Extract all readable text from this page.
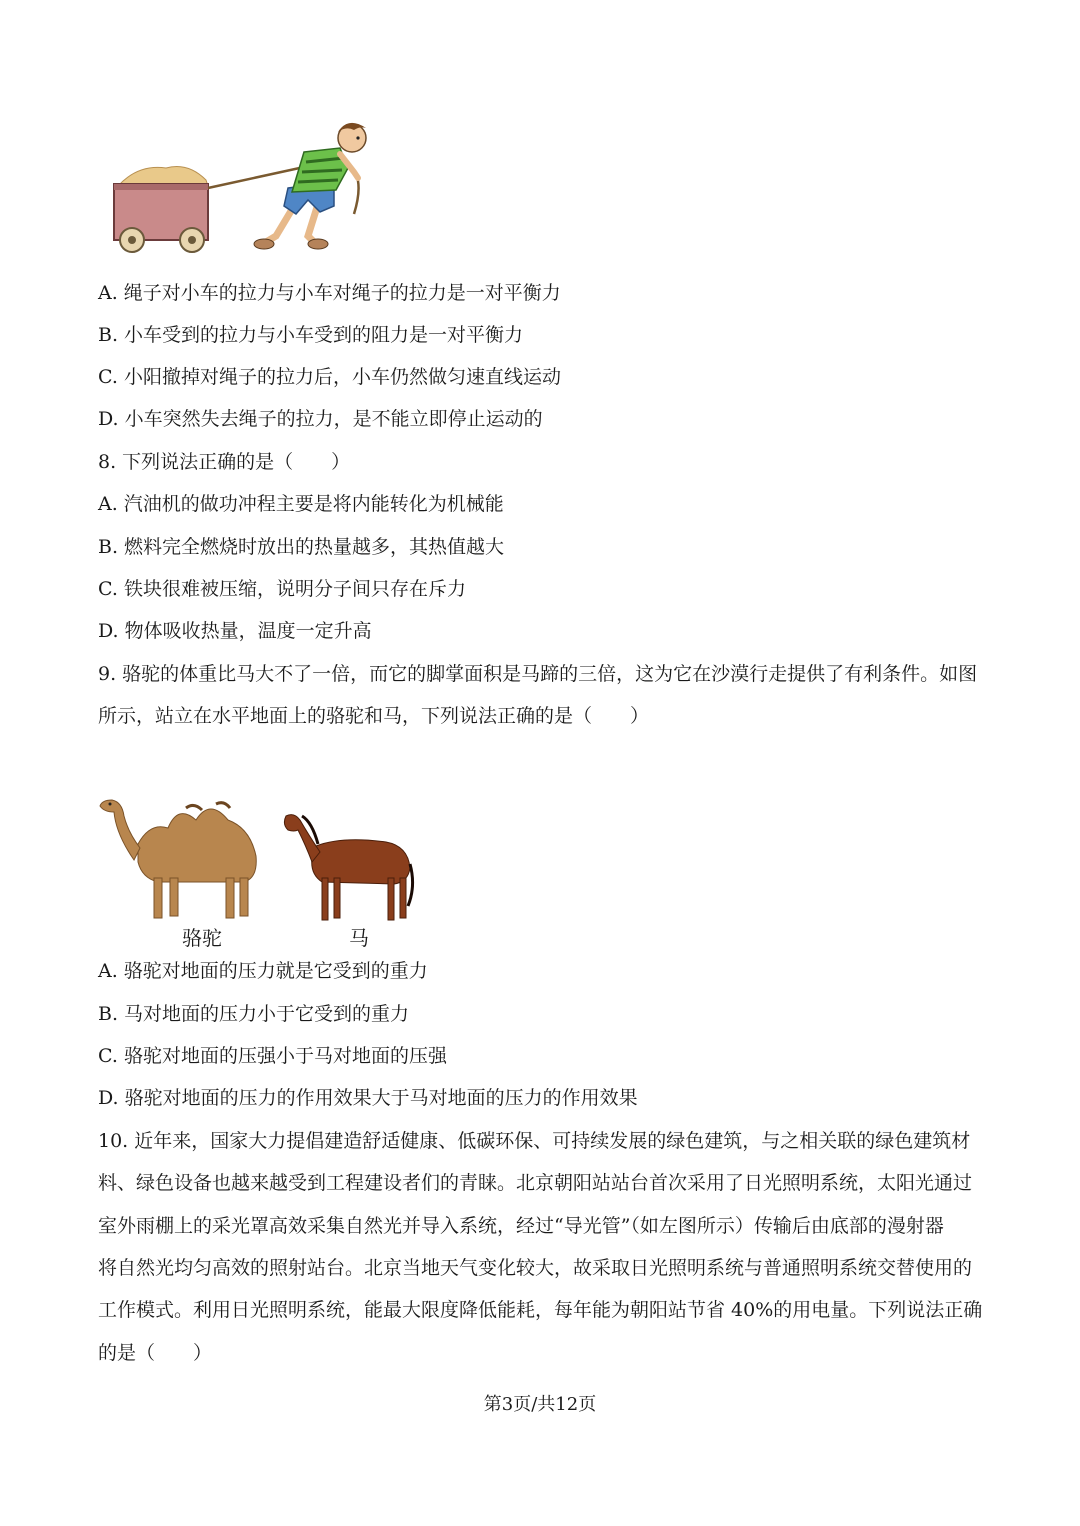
A. 绳子对小车的拉力与小车对绳子的拉力是一对平衡力
B. 小车受到的拉力与小车受到的阻力是一对平衡力
C. 小阳撤掉对绳子的拉力后，小车仍然做匀速直线运动
D. 小车突然失去绳子的拉力，是不能立即停止运动的
8. 下列说法正确的是（　　）
A. 汽油机的做功冲程主要是将内能转化为机械能
B. 燃料完全燃烧时放出的热量越多，其热值越大
C. 铁块很难被压缩，说明分子间只存在斥力
D. 物体吸收热量，温度一定升高
9. 骆驼的体重比马大不了一倍，而它的脚掌面积是马蹄的三倍，这为它在沙漠行走提供了有利条件。如图
所示，站立在水平地面上的骆驼和马，下列说法正确的是（　　）
骆驼	马
A. 骆驼对地面的压力就是它受到的重力
B. 马对地面的压力小于它受到的重力
C. 骆驼对地面的压强小于马对地面的压强
D. 骆驼对地面的压力的作用效果大于马对地面的压力的作用效果
10. 近年来，国家大力提倡建造舒适健康、低碳环保、可持续发展的绿色建筑，与之相关联的绿色建筑材
料、绿色设备也越来越受到工程建设者们的青睐。北京朝阳站站台首次采用了日光照明系统，太阳光通过
室外雨棚上的采光罩高效采集自然光并导入系统，经过“导光管”（如左图所示）传输后由底部的漫射器
将自然光均匀高效的照射站台。北京当地天气变化较大，故采取日光照明系统与普通照明系统交替使用的
工作模式。利用日光照明系统，能最大限度降低能耗，每年能为朝阳站节省 40%的用电量。下列说法正确
的是（　　）
第3页/共12页
